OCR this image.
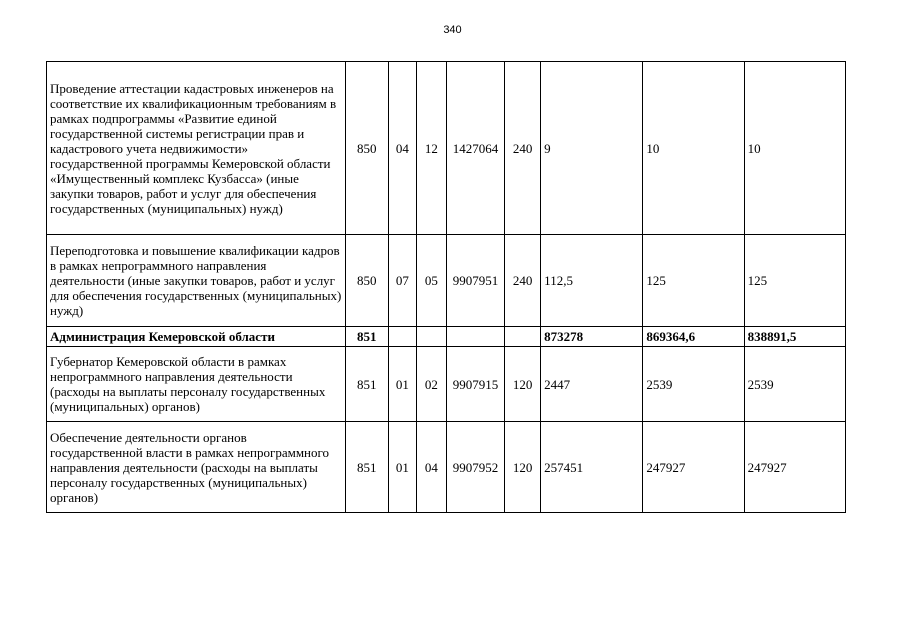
340
Проведение аттестации кадастровых инженеров на соответствие их квалификационным требованиям в рамках подпрограммы «Развитие единой государственной системы регистрации прав и кадастрового учета недвижимости» государственной программы Кемеровской области «Имущественный комплекс Кузбасса» (иные закупки товаров, работ и услуг для обеспечения государственных (муниципальных) нужд)	850	04	12	1427064	240	9	10	10
Переподготовка и повышение квалификации кадров в рамках непрограммного направления деятельности (иные закупки товаров, работ и услуг для обеспечения государственных (муниципальных) нужд)	850	07	05	9907951	240	112,5	125	125
Администрация Кемеровской области	851					873278	869364,6	838891,5
Губернатор Кемеровской области в рамках непрограммного направления деятельности (расходы на выплаты персоналу государственных (муниципальных) органов)	851	01	02	9907915	120	2447	2539	2539
Обеспечение деятельности органов государственной власти в рамках непрограммного направления деятельности (расходы на выплаты персоналу государственных (муниципальных) органов)	851	01	04	9907952	120	257451	247927	247927
